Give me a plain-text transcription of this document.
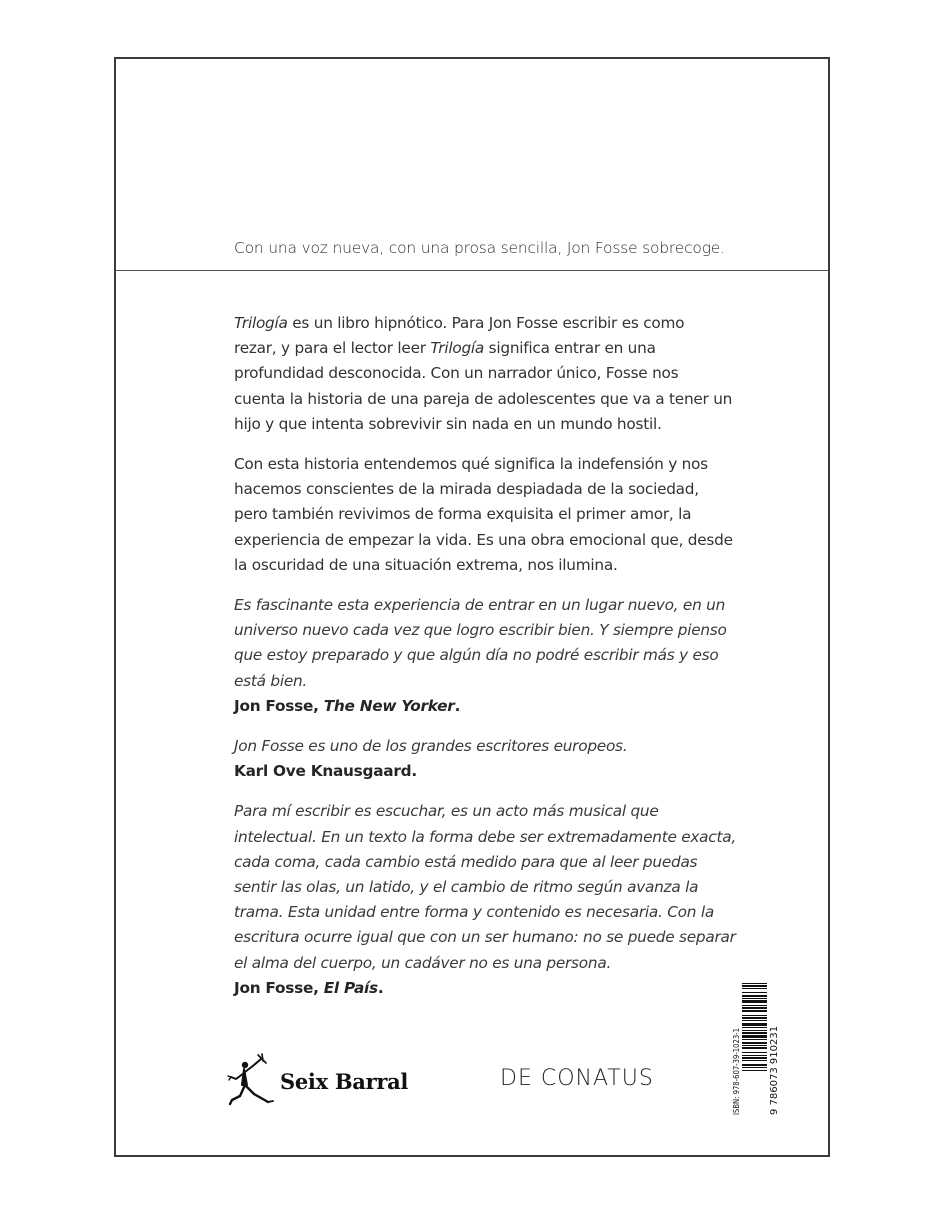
Con una voz nueva, con una prosa sencilla, Jon Fosse sobrecoge.

Trilogía es un libro hipnótico. Para Jon Fosse escribir es como
rezar, y para el lector leer Trilogía significa entrar en una
profundidad desconocida. Con un narrador único, Fosse nos
cuenta la historia de una pareja de adolescentes que va a tener un
hijo y que intenta sobrevivir sin nada en un mundo hostil.

Con esta historia entendemos qué significa la indefensión y nos
hacemos conscientes de la mirada despiadada de la sociedad,
pero también revivimos de forma exquisita el primer amor, la
experiencia de empezar la vida. Es una obra emocional que, desde
la oscuridad de una situación extrema, nos ilumina.

Es fascinante esta experiencia de entrar en un lugar nuevo, en un
universo nuevo cada vez que logro escribir bien. Y siempre pienso
que estoy preparado y que algún día no podré escribir más y eso
está bien.
Jon Fosse, The New Yorker.

Jon Fosse es uno de los grandes escritores europeos.
Karl Ove Knausgaard.

Para mí escribir es escuchar, es un acto más musical que
intelectual. En un texto la forma debe ser extremadamente exacta,
cada coma, cada cambio está medido para que al leer puedas
sentir las olas, un latido, y el cambio de ritmo según avanza la
trama. Esta unidad entre forma y contenido es necesaria. Con la
escritura ocurre igual que con un ser humano: no se puede separar
el alma del cuerpo, un cadáver no es una persona.
Jon Fosse, El País.

Seix Barral	DE CONATUS	ISBN: 978-607-39-1023-1	9 786073 910231
